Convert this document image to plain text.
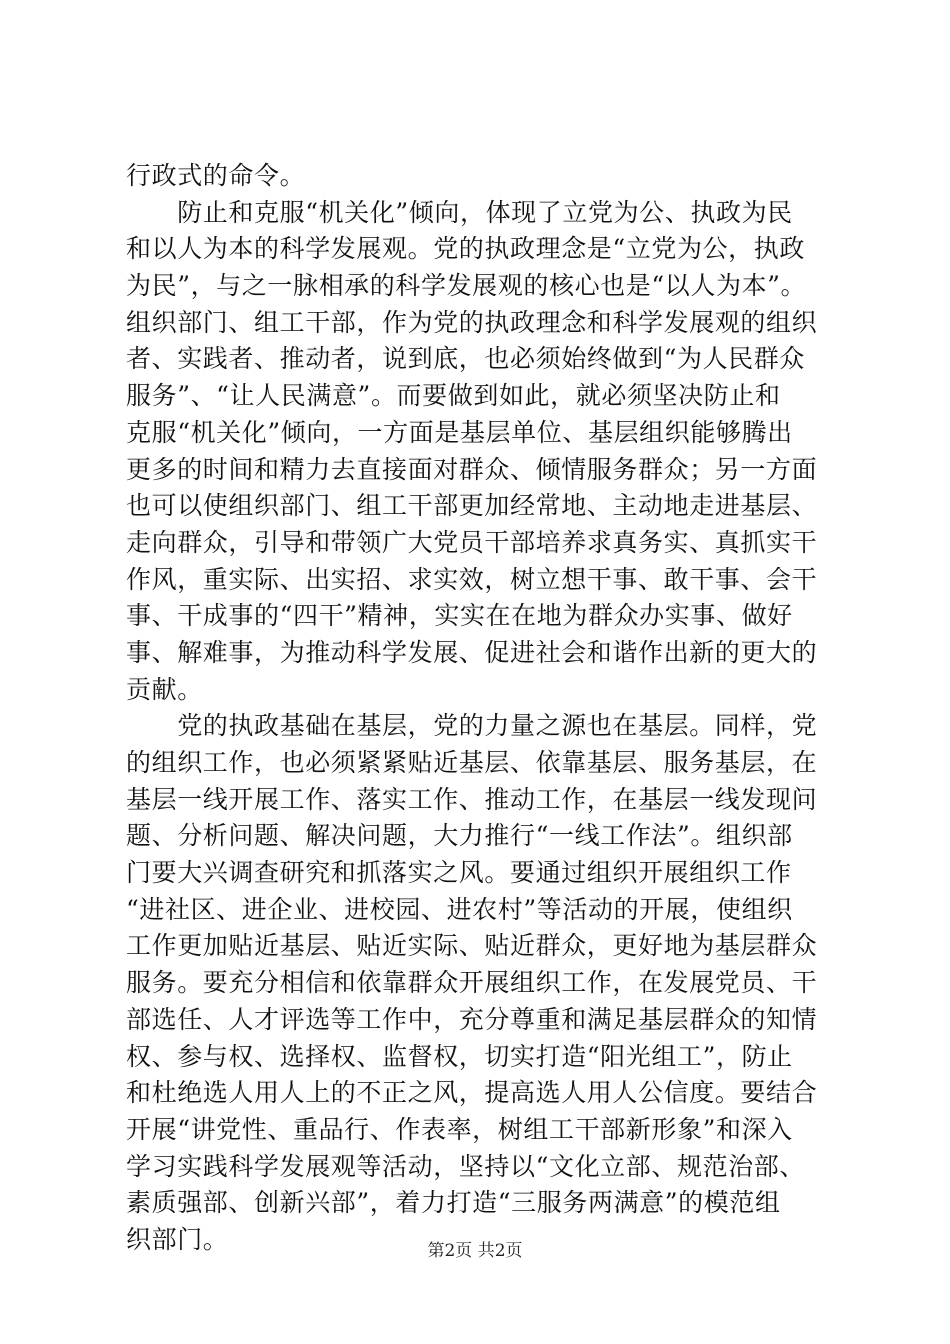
行政式的命令。
　　防止和克服“机关化”倾向，体现了立党为公、执政为民
和以人为本的科学发展观。党的执政理念是“立党为公，执政
为民”，与之一脉相承的科学发展观的核心也是“以人为本”。
组织部门、组工干部，作为党的执政理念和科学发展观的组织
者、实践者、推动者，说到底，也必须始终做到“为人民群众
服务”、“让人民满意”。而要做到如此，就必须坚决防止和
克服“机关化”倾向，一方面是基层单位、基层组织能够腾出
更多的时间和精力去直接面对群众、倾情服务群众；另一方面
也可以使组织部门、组工干部更加经常地、主动地走进基层、
走向群众，引导和带领广大党员干部培养求真务实、真抓实干
作风，重实际、出实招、求实效，树立想干事、敢干事、会干
事、干成事的“四干”精神，实实在在地为群众办实事、做好
事、解难事，为推动科学发展、促进社会和谐作出新的更大的
贡献。
　　党的执政基础在基层，党的力量之源也在基层。同样，党
的组织工作，也必须紧紧贴近基层、依靠基层、服务基层，在
基层一线开展工作、落实工作、推动工作，在基层一线发现问
题、分析问题、解决问题，大力推行“一线工作法”。组织部
门要大兴调查研究和抓落实之风。要通过组织开展组织工作
“进社区、进企业、进校园、进农村”等活动的开展，使组织
工作更加贴近基层、贴近实际、贴近群众，更好地为基层群众
服务。要充分相信和依靠群众开展组织工作，在发展党员、干
部选任、人才评选等工作中，充分尊重和满足基层群众的知情
权、参与权、选择权、监督权，切实打造“阳光组工”，防止
和杜绝选人用人上的不正之风，提高选人用人公信度。要结合
开展“讲党性、重品行、作表率，树组工干部新形象”和深入
学习实践科学发展观等活动，坚持以“文化立部、规范治部、
素质强部、创新兴部”，着力打造“三服务两满意”的模范组
织部门。	第2页 共2页
